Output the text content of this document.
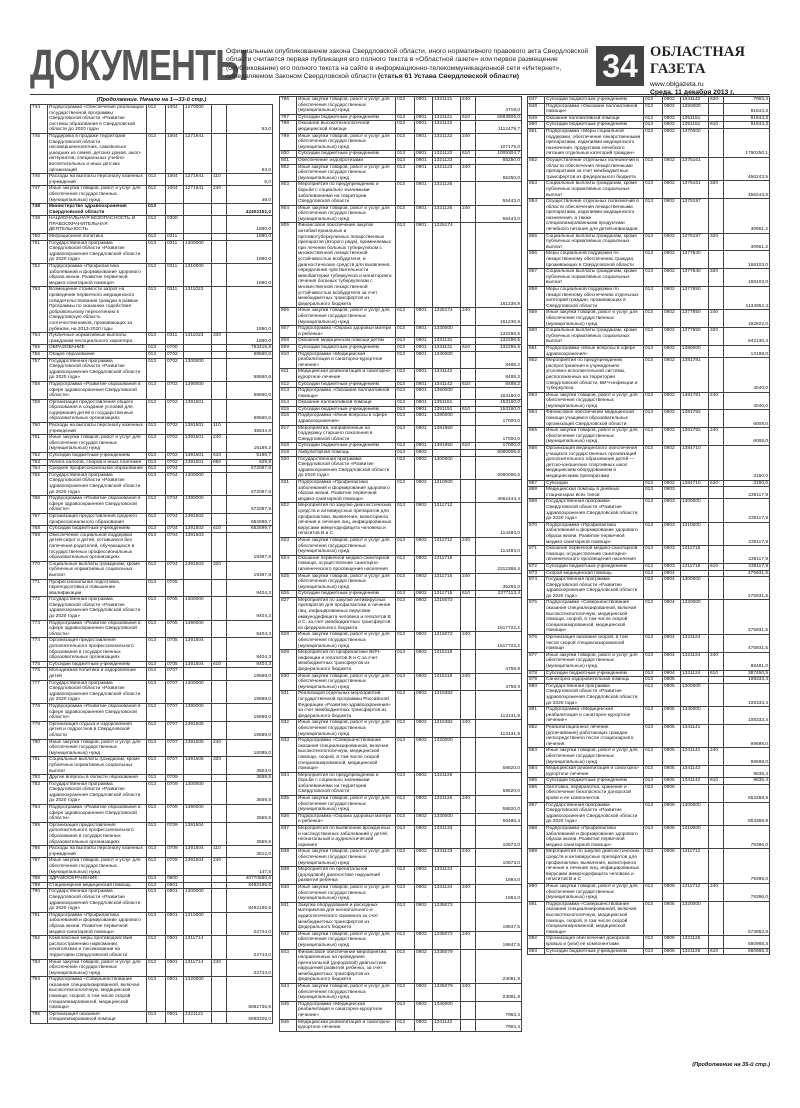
ДОКУМЕНТЫ
Официальным опубликованием закона Свердловской области, иного нормативного правового акта Свердловской области считается первая публикация его полного текста в «Областной газете» или первое размещение (опубликование) его полного текста на сайте в информационно-телекоммуникационной сети «Интернет», определяемом Законом Свердловской области (статья 61 Устава Свердловской области)	34 ОБЛАСТНАЯ ГАЗЕТА
www.oblgazeta.ru
Среда, 11 декабря 2013 г.
(Продолжение. Начало на 1—33-й стр.)
744	Подпрограмма «Обеспечение реализации государственной программы Свердловской области «Развитие системы образования в Свердловской области до 2020 года»	012	1004	1270000		53,0
745	Поддержка в продаже территории Свердловской области несовершеннолетних, самовольно ушедших из семей, детских домов, школ-интернатов, специальных учебно-воспитательных и иных детских организаций	012	1004	1271941		53,0
746	Расходы на выплаты персоналу казенных учреждений	012	1004	1271941	110	5,0
747	Иные закупки товаров, работ и услуг для обеспечения государственных (муниципальных) нужд	012	1004	1271941	240	48,0
748	Министерство здравоохранения Свердловской области	013				42402151,0
749	НАЦИОНАЛЬНАЯ БЕЗОПАСНОСТЬ И ПРАВООХРАНИТЕЛЬНАЯ ДЕЯТЕЛЬНОСТЬ	013	0300			1890,0
750	Миграционная политика	013	0311			1890,0
751	Государственная программа Свердловской области «Развитие здравоохранения Свердловской области до 2020 года»	013	0311	1300000		1890,0
752	Подпрограмма «Профилактика заболеваний и формирование здорового образа жизни. Развитие первичной медико-санитарной помощи»	013	0311	1310000		1890,0
753	Возмещение стоимости затрат на проведение первичного медицинского освидетельствования граждан в рамках Программы по оказанию содействия добровольному переселению в Свердловскую область соотечественников, проживающих за рубежом, на 2013-2020 годы	013	0311	1311023		1890,0
754	Публичные нормативные выплаты гражданам несоциального характера	013	0311	1311023	330	1890,0
755	ОБРАЗОВАНИЕ	013	0700			763416,9
756	Общее образование	013	0702			58660,6
757	Государственная программа Свердловской области «Развитие здравоохранения Свердловской области до 2020 года»	013	0702	1300000		58660,6
758	Подпрограмма «Развитие образования в сфере здравоохранения Свердловской области»	013	0702	1390000		58660,6
759	Организация предоставления общего образования и создание условий для содержания детей в государственных образовательных организациях	013	0702	1391501		58660,6
760	Расходы на выплаты персоналу казенных учреждений	013	0702	1391501	110	36644,9
761	Иные закупки товаров, работ и услуг для обеспечения государственных (муниципальных) нужд	013	0702	1391501	240	16189,2
762	Субсидии бюджетным учреждениям	013	0702	1391501	610	5196,7
763	Уплата налогов, сборов и иных платежей	013	0702	1391501	850	629,8
764	Среднее профессиональное образование	013	0704			672097,5
765	Государственная программа Свердловской области «Развитие здравоохранения Свердловской области до 2020 года»	013	0704	1300000		672097,5
766	Подпрограмма «Развитие образования в сфере здравоохранения Свердловской области»	013	0704	1390000		672097,5
767	Организация предоставления среднего профессионального образования	013	0704	1391502		652699,7
768	Субсидии бюджетным учреждениям	013	0704	1391502	610	652699,7
769	Обеспечение социальной поддержки детей-сирот и детей, оставшихся без попечения родителей, обучающихся в государственных профессиональных образовательных организациях	013	0704	1391503		19397,8
770	Социальные выплаты гражданам, кроме публичных нормативных социальных выплат	013	0704	1391503	320	19397,8
771	Профессиональная подготовка, переподготовка и повышение квалификации	013	0705			9404,3
772	Государственная программа Свердловской области «Развитие здравоохранения Свердловской области до 2020 года»	013	0705	1300000		9404,3
773	Подпрограмма «Развитие образования в сфере здравоохранения Свердловской области»	013	0705	1390000		9404,3
774	Организация предоставления дополнительного профессионального образования в государственных образовательных организациях	013	0705	1391504		9404,3
775	Субсидии бюджетным учреждениям	013	0705	1391504	610	9404,3
776	Молодежная политика и оздоровление детей	013	0707			19589,0
777	Государственная программа Свердловской области «Развитие здравоохранения Свердловской области до 2020 года»	013	0707	1300000		19589,0
778	Подпрограмма «Развитие образования в сфере здравоохранения Свердловской области»	013	0707	1390000		19589,0
779	Организация отдыха и оздоровления детей и подростков в Свердловской области	013	0707	1391505		19589,0
780	Иные закупки товаров, работ и услуг для обеспечения государственных (муниципальных) нужд	013	0707	1391505	240	16085,0
781	Социальные выплаты гражданам, кроме публичных нормативных социальных выплат	013	0707	1391505	320	3504,0
782	Другие вопросы в области образования	013	0709			3659,5
783	Государственная программа Свердловской области «Развитие здравоохранения Свердловской области до 2020 года»	013	0709	1300000		3659,5
784	Подпрограмма «Развитие образования в сфере здравоохранения Свердловской области»	013	0709	1390000		3659,5
785	Организация предоставления дополнительного профессионального образования в государственных образовательных организациях	013	0709	1391504		3659,5
786	Расходы на выплаты персоналу казенных учреждений	013	0709	1391504	110	3512,0
787	Иные закупки товаров, работ и услуг для обеспечения государственных (муниципальных) нужд	013	0709	1391504	240	147,5
788	ЗДРАВООХРАНЕНИЕ	013	0900			40770660,6
789	Стационарная медицинская помощь	013	0901			8492196,5
790	Государственная программа Свердловской области «Развитие здравоохранения Свердловской области до 2020 года»	013	0901	1300000		8492196,5
791	Подпрограмма «Профилактика заболеваний и формирование здорового образа жизни. Развитие первичной медико-санитарной помощи»	013	0901	1310000		22744,0
792	Комплексные меры противодействия распространению наркомании, алкоголизма и токсикомании на территории Свердловской области	013	0901	1311714		22744,0
793	Иные закупки товаров, работ и услуг для обеспечения государственных (муниципальных) нужд	013	0901	1311714	240	22744,0
794	Подпрограмма «Совершенствование оказания специализированной, включая высокотехнологичную, медицинской помощи, скорой, в том числе скорой специализированной, медицинской помощи»	013	0901	1320000		8082736,6
795	Организация оказания специализированной помощи	013	0901	1321121		6688325,0
796	Иные закупки товаров, работ и услуг для обеспечения государственных (муниципальных) нужд	013	0901	1321121	240	4719,0
797	Субсидии бюджетным учреждениям	013	0901	1321121	610	6683606,0
798	Оказание высокотехнологичной медицинской помощи	013	0901	1321122		1112479,7
799	Иные закупки товаров, работ и услуг для обеспечения государственных (муниципальных) нужд	013	0901	1321122	240	107175,0
800	Субсидии бюджетным учреждениям	013	0901	1321122	610	1005304,7
801	Обеспечение эндопротезами	013	0901	1321123		65250,0
802	Иные закупки товаров, работ и услуг для обеспечения государственных (муниципальных) нужд	013	0901	1321123	240	65250,0
803	Мероприятия по предупреждению и борьбе с социально значимыми заболеваниями на территории Свердловской области	013	0901	1321126		55443,0
804	Иные закупки товаров, работ и услуг для обеспечения государственных (муниципальных) нужд	013	0901	1321126	240	55443,0
805	Финансовое обеспечение закупок антибактериальных и противотуберкулезных лекарственных препаратов (второго ряда), применяемых при лечении больных туберкулезом с множественной лекарственной устойчивостью возбудителя, и диагностических средств для выявления, определения чувствительности микобактерии туберкулеза и мониторинга лечения больных туберкулезом с множественной лекарственной устойчивостью возбудителя за счет межбюджетных трансфертов из федерального бюджета	013	0901	1325174		161236,9
806	Иные закупки товаров, работ и услуг для обеспечения государственных (муниципальных) нужд	013	0901	1325174	240	161236,9
807	Подпрограмма «Охрана здоровья матери и ребенка»	013	0901	1330000		132296,5
808	Оказание медицинской помощи детям	013	0901	1331131		132296,5
809	Субсидии бюджетным учреждениям	013	0901	1331131	610	132296,5
810	Подпрограмма «Медицинская реабилитация и санаторно-курортное лечение»	013	0901	1340000		8488,2
811	Медицинская реабилитация и санаторно-курортное лечение	013	0901	1341142		8488,2
812	Субсидии бюджетным учреждениям	013	0901	1341142	610	8488,2
813	Подпрограмма «Оказание паллиативной помощи»	013	0901	1350000		153160,0
814	Оказание паллиативной помощи	013	0901	1351151		153160,0
815	Субсидии бюджетным учреждениям	013	0901	1351151	610	153160,0
816	Подпрограмма «Иные вопросы в сфере здравоохранения»	013	0901	1380000		17000,0
817	Мероприятия, направленные на поддержку старшего поколения в Свердловской области	013	0901	1381950		17000,0
818	Субсидии бюджетным учреждениям	013	0901	1381950	610	17000,0
819	Амбулаторная помощь	013	0902			6080006,6
820	Государственная программа Свердловской области «Развитие здравоохранения Свердловской области до 2020 года»	013	0902	1300000		6080006,6
821	Подпрограмма «Профилактика заболеваний и формирование здорового образа жизни. Развитие первичной медико-санитарной помощи»	013	0902	1310000		4062444,4
822	Мероприятия по закупке диагностических средств и антивирусных препаратов для профилактики, выявления, мониторинга лечения и лечения лиц, инфицированных вирусами иммунодефицита человека и гепатитов В и С	013	0902	1311712		114483,0
823	Иные закупки товаров, работ и услуг для обеспечения государственных (муниципальных) нужд	013	0902	1311712	240	114483,0
824	Оказание первичной медико-санитарной помощи, осуществление санитарно-гигиенического просвещения населения	013	0902	1311715		2312368,4
825	Иные закупки товаров, работ и услуг для обеспечения государственных (муниципальных) нужд	013	0902	1311715	240	35255,0
826	Субсидии бюджетным учреждениям	013	0902	1311715	610	2277113,4
827	Мероприятия по закупке антивирусных препаратов для профилактики и лечения лиц, инфицированных вирусами иммунодефицита человека и гепатитов В и С, за счет межбюджетных трансфертов из федерального бюджета	013	0902	1315072		1517722,2
828	Иные закупки товаров, работ и услуг для обеспечения государственных (муниципальных) нужд	013	0902	1315072	240	1517722,2
829	Мероприятия по профилактике ВИЧ-инфекции и гепатитов В и С за счет межбюджетных трансфертов из федерального бюджета	013	0902	1315119		4758,9
830	Иные закупки товаров, работ и услуг для обеспечения государственных (муниципальных) нужд	013	0902	1315119	240	4758,9
831	Реализация отдельных мероприятий государственной программы Российской Федерации «Развитие здравоохранения» за счет межбюджетных трансфертов из федерального бюджета	013	0902	1315382		113131,9
832	Иные закупки товаров, работ и услуг для обеспечения государственных (муниципальных) нужд	013	0902	1315382	240	113131,9
833	Подпрограмма «Совершенствование оказания специализированной, включая высокотехнологичную, медицинской помощи, скорой, в том числе скорой специализированной, медицинской помощи»	013	0902	1320000		58820,0
834	Мероприятия по предупреждению и борьбе с социально значимыми заболеваниями на территории Свердловской области	013	0902	1321126		58820,0
835	Иные закупки товаров, работ и услуг для обеспечения государственных (муниципальных) нужд	013	0902	1321126	240	58820,0
836	Подпрограмма «Охрана здоровья матери и ребенка»	013	0902	1330000		55486,4
837	Мероприятия по выявлению врожденных и наследственных заболеваний у детей, неонатальный и аудиологический скрининг	013	0902	1331133		10673,0
838	Иные закупки товаров, работ и услуг для обеспечения государственных (муниципальных) нужд	013	0902	1331133	240	10673,0
839	Мероприятия по пренатальной (дородовой) диагностике нарушений развития ребенка	013	0902	1331134		1884,0
840	Иные закупки товаров, работ и услуг для обеспечения государственных (муниципальных) нужд	013	0902	1331134	240	1884,0
841	Закупка оборудования и расходных материалов для неонатального и аудиологического скрининга за счет межбюджетных трансфертов из федерального бюджета	013	0902	1335073		19847,5
842	Иные закупки товаров, работ и услуг для обеспечения государственных (муниципальных) нужд	013	0902	1335073	240	19847,5
843	Финансовое обеспечение мероприятий, направленных на проведение пренатальной (дородовой) диагностики нарушений развития ребенка, за счет межбюджетных трансфертов из федерального бюджета	013	0902	1335079		23081,9
844	Иные закупки товаров, работ и услуг для обеспечения государственных (муниципальных) нужд	013	0902	1335079	240	23081,9
845	Подпрограмма «Медицинская реабилитация и санаторно-курортное лечение»	013	0902	1340000		7963,4
846	Медицинская реабилитация и санаторно-курортное лечение	013	0902	1341142		7963,4
847	Субсидии бюджетным учреждениям	013	0902	1341142	620	7963,4
848	Подпрограмма «Оказание паллиативной помощи»	013	0902	1350000		91844,3
849	Оказание паллиативной помощи	013	0902	1351151		91844,3
850	Субсидии бюджетным учреждениям	013	0902	1351151	610	91844,3
851	Подпрограмма «Меры социальной поддержки, обеспечение лекарственными препаратами, изделиями медицинского назначения, продуктами лечебного питания отдельных категорий граждан»	013	0902	1370000		1790250,1
852	Осуществление отдельных полномочий в области обеспечения лекарственными препаратами за счет межбюджетных трансфертов из федерального бюджета	013	0902	1375161		456243,5
853	Социальные выплаты гражданам, кроме публичных нормативных социальных выплат	013	0902	1375161	320	456243,5
854	Осуществление отдельных полномочий в области обеспечения лекарственными препаратами, изделиями медицинского назначения, а также специализированными продуктами лечебного питания для детей-инвалидов	013	0902	1375197		30951,2
855	Социальные выплаты гражданам, кроме публичных нормативных социальных выплат	013	0902	1375197	320	30951,2
856	Меры социальной поддержки по лекарственному обеспечению граждан, проживающих в Свердловской области	013	0902	1377840		168103,0
857	Социальные выплаты гражданам, кроме публичных нормативных социальных выплат	013	0902	1377840	320	168103,0
858	Меры социальной поддержки по лекарственному обеспечению отдельных категорий граждан, проживающих в Свердловской области	013	0902	1377850		1134952,4
859	Иные закупки товаров, работ и услуг для обеспечения государственных (муниципальных) нужд	013	0902	1377850	240	192822,0
860	Социальные выплаты гражданам, кроме публичных нормативных социальных выплат	013	0902	1377850	320	942130,4
861	Подпрограмма «Иные вопросы в сфере здравоохранения»	013	0902	1380000		13198,0
862	Мероприятия по предупреждению распространения в учреждениях уголовно-исполнительной системы, расположенных на территории Свердловской области, ВИЧ-инфекции и туберкулеза	013	0902	1381781		4040,0
863	Иные закупки товаров, работ и услуг для обеспечения государственных (муниципальных) нужд	013	0902	1381781	240	4040,0
864	Финансовое обеспечение медицинской помощи учащимся образовательных организаций Свердловской области	013	0902	1381782		6008,0
865	Иные закупки товаров, работ и услуг для обеспечения государственных (муниципальных) нужд	013	0902	1381782	240	6008,0
866	Организация медицинского обеспечения учащихся государственных организаций дополнительного образования детей — детско-юношеских спортивных школ медицинским оборудованием и медицинскими препаратами	013	0902	1384710		3150,0
867	Субсидии	013	0902	1384710	520	3150,0
868	Медицинская помощь в дневных стационарах всех типов	013	0903			239117,9
869	Государственная программа Свердловской области «Развитие здравоохранения Свердловской области до 2020 года»	013	0903	1300000		239117,9
870	Подпрограмма «Профилактика заболеваний и формирование здорового образа жизни. Развитие первичной медико-санитарной помощи»	013	0903	1310000		239117,9
871	Оказание первичной медико-санитарной помощи, осуществление санитарно-гигиенического просвещения населения	013	0903	1311715		239117,9
872	Субсидии бюджетным учреждениям	013	0903	1311715	610	239117,9
873	Скорая медицинская помощь	013	0904			475931,5
874	Государственная программа Свердловской области «Развитие здравоохранения Свердловской области до 2020 года»	013	0904	1300000		475931,5
875	Подпрограмма «Совершенствование оказания специализированной, включая высокотехнологичную, медицинской помощи, скорой, в том числе скорой специализированной, медицинской помощи»	013	0904	1320000		475931,5
876	Организация оказания скорой, в том числе скорой специализированной помощи	013	0904	1321124		475931,5
877	Иные закупки товаров, работ и услуг для обеспечения государственных (муниципальных) нужд	013	0904	1321124	240	88481,0
878	Субсидии бюджетным учреждениям	013	0904	1321124	610	387450,5
879	Санаторно-оздоровительная помощь	013	0905			108333,4
880	Государственная программа Свердловской области «Развитие здравоохранения Свердловской области до 2020 года»	013	0905	1300000		108333,4
881	Подпрограмма «Медицинская реабилитация и санаторно-курортное лечение»	013	0905	1340000		108333,4
882	Реабилитационное лечение (долечивание) работающих граждан непосредственно после стационарного лечения	013	0905	1341141		99698,0
883	Иные закупки товаров, работ и услуг для обеспечения государственных (муниципальных) нужд	013	0905	1341141	240	99698,0
884	Медицинская реабилитация и санаторно-курортное лечение	013	0905	1341142		8635,4
885	Субсидии бюджетным учреждениям	013	0905	1341142	610	8635,4
886	Заготовка, переработка, хранение и обеспечение безопасности донорской крови и ее компонентов	013	0906			653358,9
887	Государственная программа Свердловской области «Развитие здравоохранения Свердловской области до 2020 года»	013	0906	1300000		653358,9
888	Подпрограмма «Профилактика заболеваний и формирование здорового образа жизни. Развитие первичной медико-санитарной помощи»	013	0906	1310000		79396,0
889	Мероприятия по закупке диагностических средств и антивирусных препаратов для профилактики, выявления, мониторинга лечения и лечения лиц, инфицированных вирусами иммунодефицита человека и гепатитов В и С	013	0906	1311712		79396,0
890	Иные закупки товаров, работ и услуг для обеспечения государственных (муниципальных) нужд	013	0906	1311712	240	79396,0
891	Подпрограмма «Совершенствование оказания специализированной, включая высокотехнологичную, медицинской помощи, скорой, в том числе скорой специализированной, медицинской помощи»	013	0906	1320000		573962,9
892	Организация обеспечения донорской кровью и (или) ее компонентами	013	0906	1321125		560965,3
893	Субсидии бюджетным учреждениям	013	0906	1321125	610	560965,3
(Продолжение на 35-й стр.)
